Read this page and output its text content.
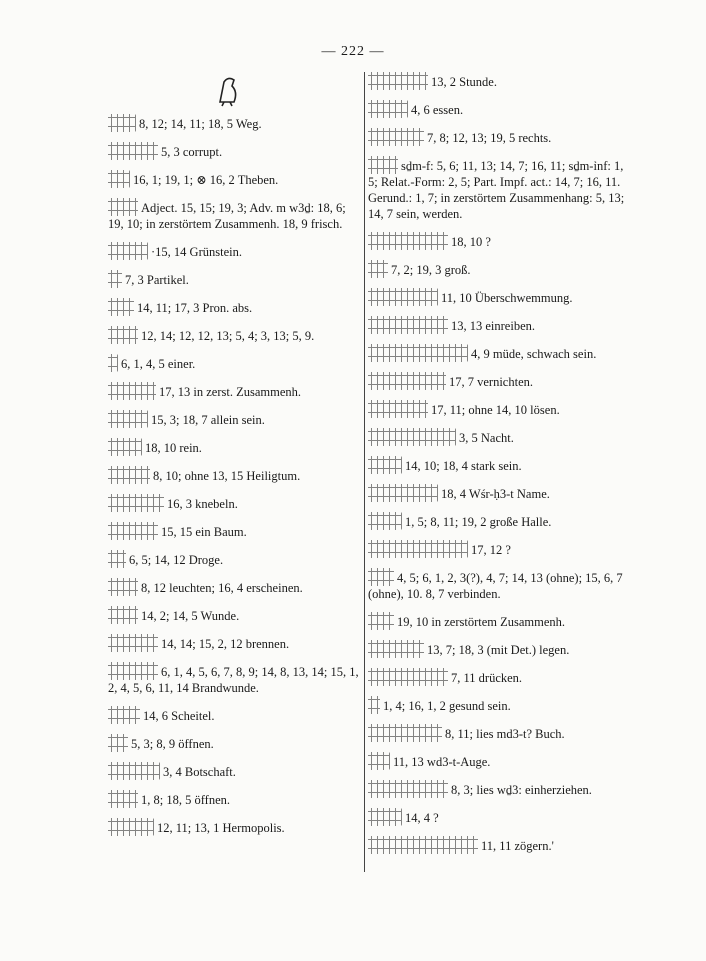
— 222 —
8, 12; 14, 11; 18, 5 Weg.
5, 3 corrupt.
16, 1; 19, 1; ⊗ 16, 2 Theben.
Adject. 15, 15; 19, 3; Adv. m w3ḏ: 18, 6; 19, 10; in zerstörtem Zusammenh. 18, 9 frisch.
·15, 14 Grünstein.
7, 3 Partikel.
14, 11; 17, 3 Pron. abs.
12, 14; 12, 12, 13; 5, 4; 3, 13; 5, 9.
6, 1, 4, 5 einer.
17, 13 in zerst. Zusammenh.
15, 3; 18, 7 allein sein.
18, 10 rein.
8, 10; ohne 13, 15 Heiligtum.
16, 3 knebeln.
15, 15 ein Baum.
6, 5; 14, 12 Droge.
8, 12 leuchten; 16, 4 erscheinen.
14, 2; 14, 5 Wunde.
14, 14; 15, 2, 12 brennen.
6, 1, 4, 5, 6, 7, 8, 9; 14, 8, 13, 14; 15, 1, 2, 4, 5, 6, 11, 14 Brandwunde.
14, 6 Scheitel.
5, 3; 8, 9 öffnen.
3, 4 Botschaft.
1, 8; 18, 5 öffnen.
12, 11; 13, 1 Hermopolis.
13, 2 Stunde.
4, 6 essen.
7, 8; 12, 13; 19, 5 rechts.
sḏm-f: 5, 6; 11, 13; 14, 7; 16, 11; sḏm-ỉnf: 1, 5; Relat.-Form: 2, 5; Part. Impf. act.: 14, 7; 16, 11. Gerund.: 1, 7; in zerstörtem Zusammenhang: 5, 13; 14, 7 sein, werden.
18, 10 ?
7, 2; 19, 3 groß.
11, 10 Überschwemmung.
13, 13 einreiben.
4, 9 müde, schwach sein.
17, 7 vernichten.
17, 11; ohne 14, 10 lösen.
3, 5 Nacht.
14, 10; 18, 4 stark sein.
18, 4 Wśr-ḥ3-t Name.
1, 5; 8, 11; 19, 2 große Halle.
17, 12 ?
4, 5; 6, 1, 2, 3(?), 4, 7; 14, 13 (ohne); 15, 6, 7 (ohne), 10. 8, 7 verbinden.
19, 10 in zerstörtem Zusammenh.
13, 7; 18, 3 (mit Det.) legen.
7, 11 drücken.
1, 4; 16, 1, 2 gesund sein.
8, 11; lies md3-t? Buch.
11, 13 wd3-t-Auge.
8, 3; lies wḏ3: einherziehen.
14, 4 ?
11, 11 zögern.'
